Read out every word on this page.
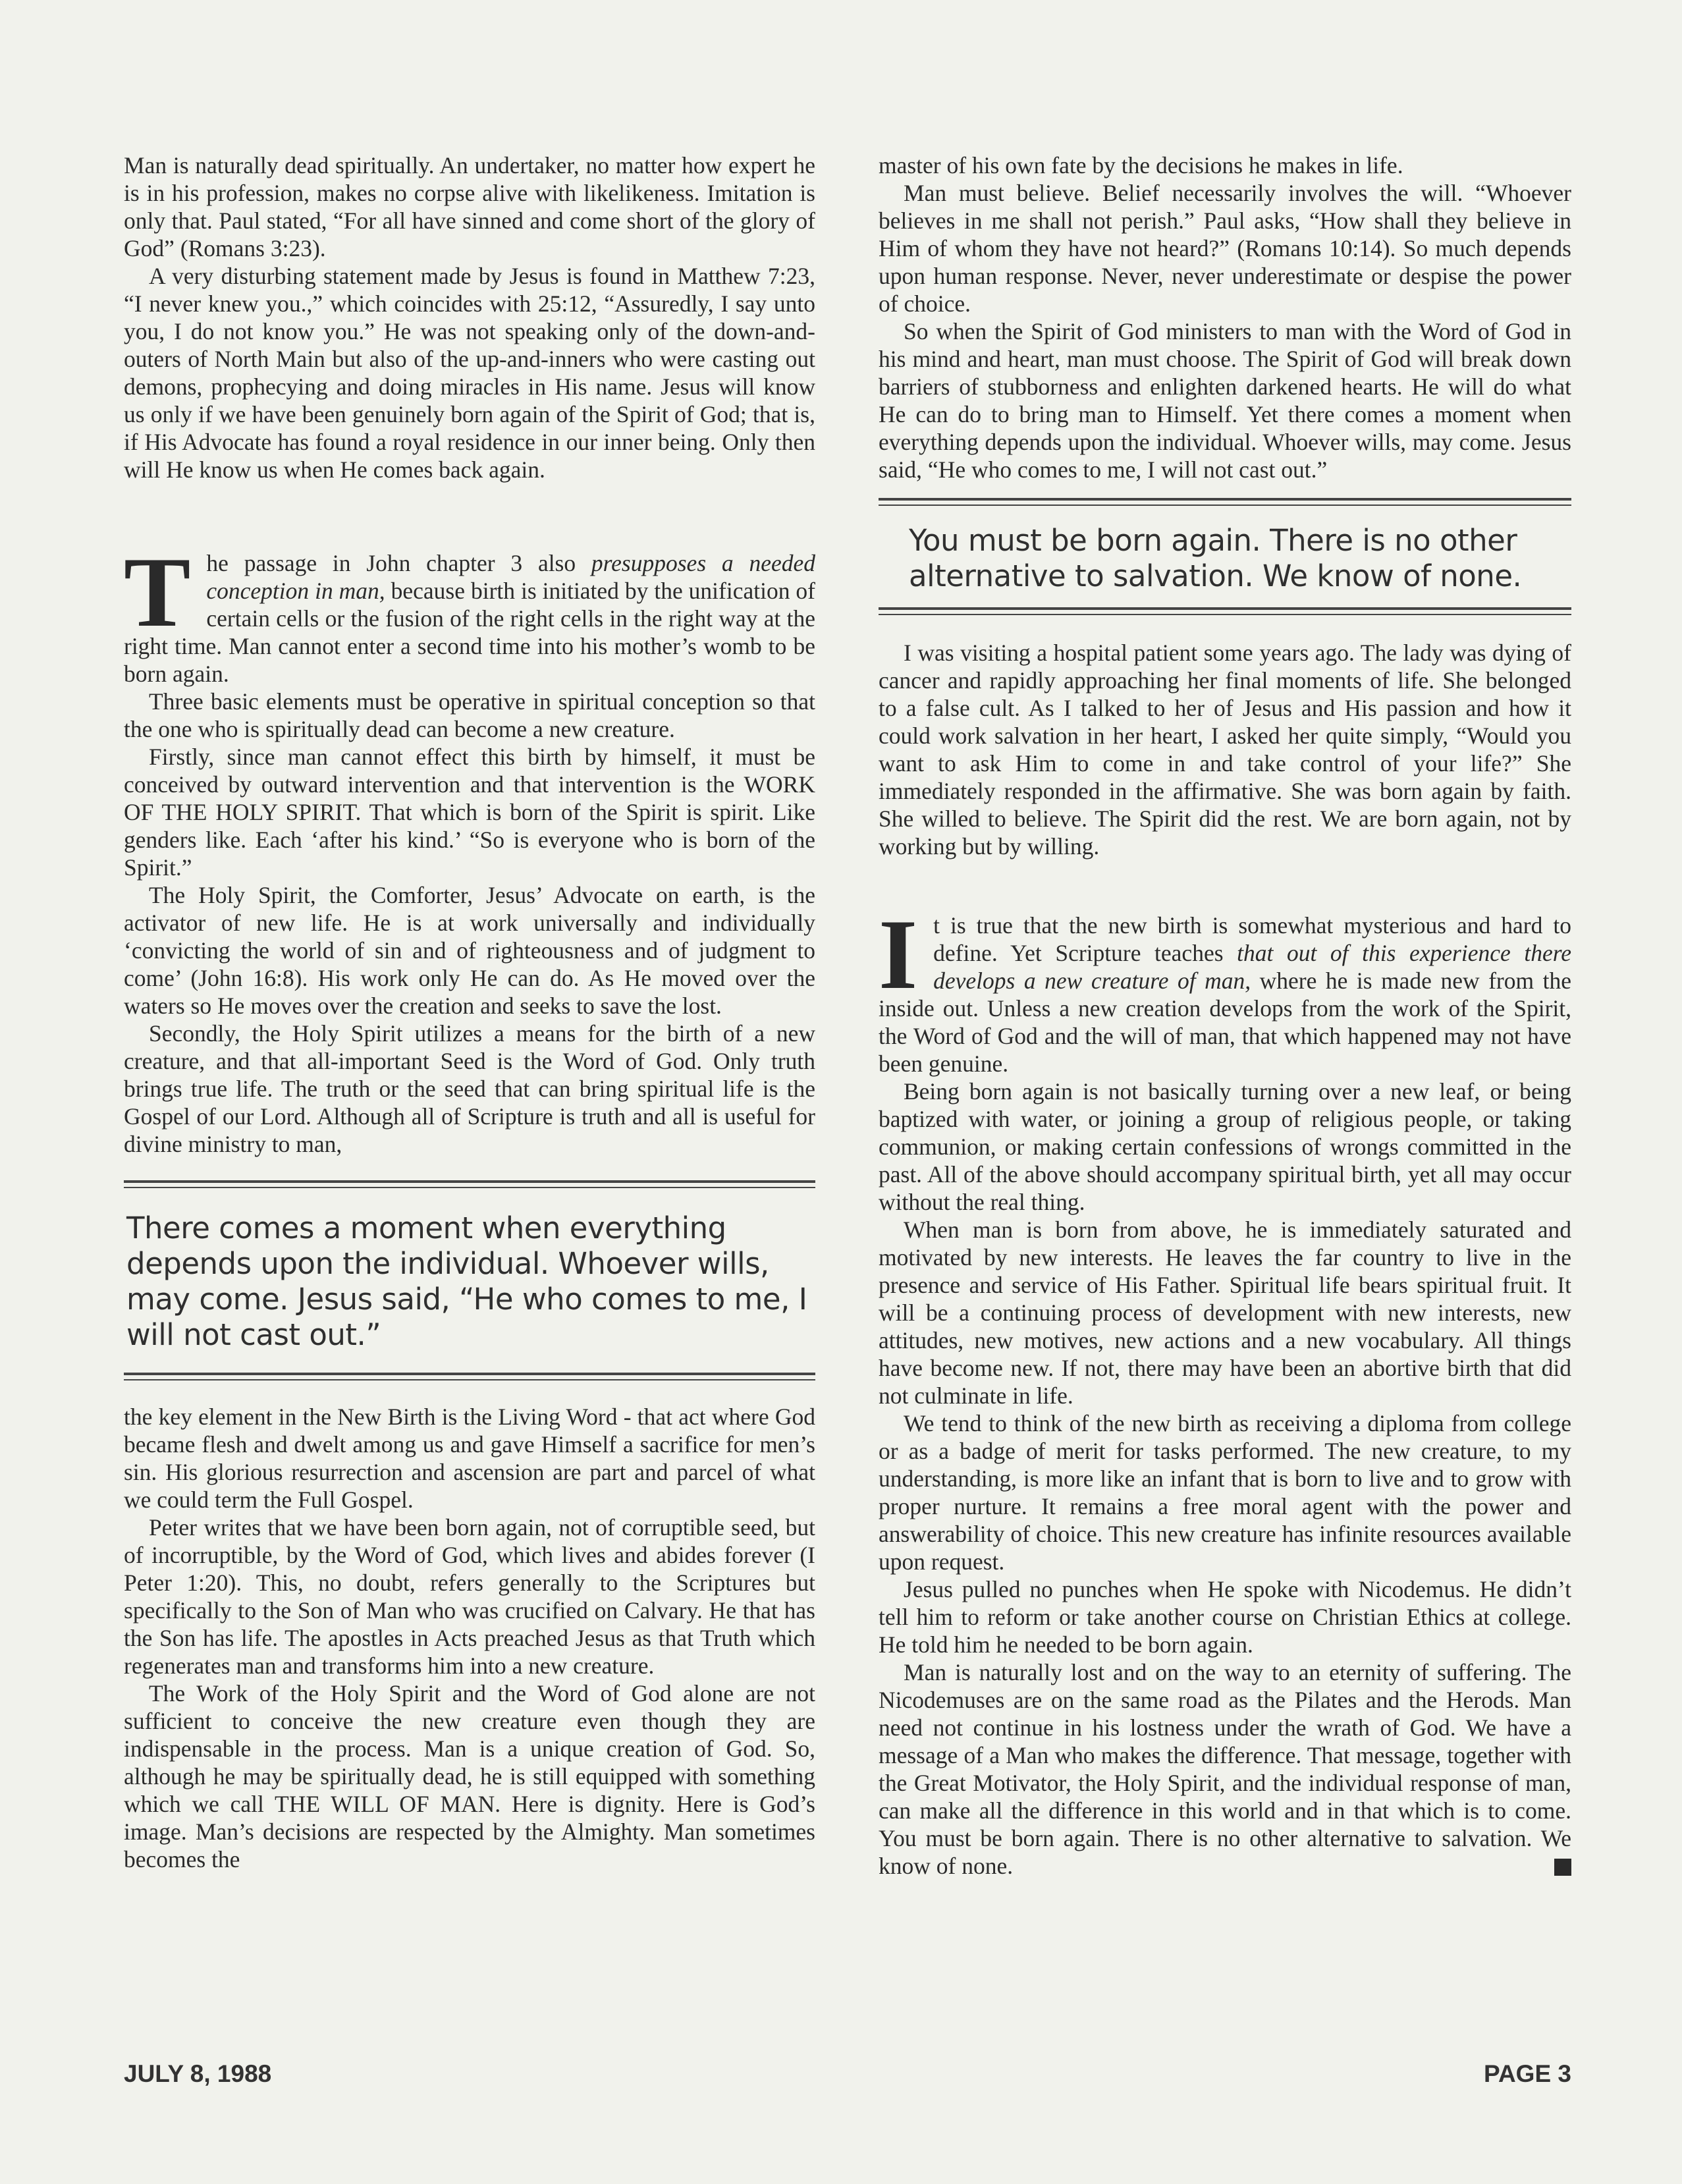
Man is naturally dead spiritually. An undertaker, no matter how expert he is in his profession, makes no corpse alive with likelikeness. Imitation is only that. Paul stated, “For all have sinned and come short of the glory of God” (Romans 3:23).

A very disturbing statement made by Jesus is found in Matthew 7:23, “I never knew you.,” which coincides with 25:12, “Assuredly, I say unto you, I do not know you.” He was not speaking only of the down-and-outers of North Main but also of the up-and-inners who were casting out demons, prophecying and doing miracles in His name. Jesus will know us only if we have been genuinely born again of the Spirit of God; that is, if His Advocate has found a royal residence in our inner being. Only then will He know us when He comes back again.

The passage in John chapter 3 also presupposes a needed conception in man, because birth is initiated by the unification of certain cells or the fusion of the right cells in the right way at the right time. Man cannot enter a second time into his mother’s womb to be born again.

Three basic elements must be operative in spiritual conception so that the one who is spiritually dead can become a new creature.

Firstly, since man cannot effect this birth by himself, it must be conceived by outward intervention and that intervention is the WORK OF THE HOLY SPIRIT. That which is born of the Spirit is spirit. Like genders like. Each ‘after his kind.’ “So is everyone who is born of the Spirit.”

The Holy Spirit, the Comforter, Jesus’ Advocate on earth, is the activator of new life. He is at work universally and individually ‘convicting the world of sin and of righteousness and of judgment to come’ (John 16:8). His work only He can do. As He moved over the waters so He moves over the creation and seeks to save the lost.

Secondly, the Holy Spirit utilizes a means for the birth of a new creature, and that all-important Seed is the Word of God. Only truth brings true life. The truth or the seed that can bring spiritual life is the Gospel of our Lord. Although all of Scripture is truth and all is useful for divine ministry to man,

There comes a moment when everything depends upon the individual. Whoever wills, may come. Jesus said, “He who comes to me, I will not cast out.”

the key element in the New Birth is the Living Word - that act where God became flesh and dwelt among us and gave Himself a sacrifice for men’s sin. His glorious resurrection and ascension are part and parcel of what we could term the Full Gospel.

Peter writes that we have been born again, not of corruptible seed, but of incorruptible, by the Word of God, which lives and abides forever (I Peter 1:20). This, no doubt, refers generally to the Scriptures but specifically to the Son of Man who was crucified on Calvary. He that has the Son has life. The apostles in Acts preached Jesus as that Truth which regenerates man and transforms him into a new creature.

The Work of the Holy Spirit and the Word of God alone are not sufficient to conceive the new creature even though they are indispensable in the process. Man is a unique creation of God. So, although he may be spiritually dead, he is still equipped with something which we call THE WILL OF MAN. Here is dignity. Here is God’s image. Man’s decisions are respected by the Almighty. Man sometimes becomes the

master of his own fate by the decisions he makes in life.

Man must believe. Belief necessarily involves the will. “Whoever believes in me shall not perish.” Paul asks, “How shall they believe in Him of whom they have not heard?” (Romans 10:14). So much depends upon human response. Never, never underestimate or despise the power of choice.

So when the Spirit of God ministers to man with the Word of God in his mind and heart, man must choose. The Spirit of God will break down barriers of stubborness and enlighten darkened hearts. He will do what He can do to bring man to Himself. Yet there comes a moment when everything depends upon the individual. Whoever wills, may come. Jesus said, “He who comes to me, I will not cast out.”

You must be born again. There is no other alternative to salvation. We know of none.

I was visiting a hospital patient some years ago. The lady was dying of cancer and rapidly approaching her final moments of life. She belonged to a false cult. As I talked to her of Jesus and His passion and how it could work salvation in her heart, I asked her quite simply, “Would you want to ask Him to come in and take control of your life?” She immediately responded in the affirmative. She was born again by faith. She willed to believe. The Spirit did the rest. We are born again, not by working but by willing.

It is true that the new birth is somewhat mysterious and hard to define. Yet Scripture teaches that out of this experience there develops a new creature of man, where he is made new from the inside out. Unless a new creation develops from the work of the Spirit, the Word of God and the will of man, that which happened may not have been genuine.

Being born again is not basically turning over a new leaf, or being baptized with water, or joining a group of religious people, or taking communion, or making certain confessions of wrongs committed in the past. All of the above should accompany spiritual birth, yet all may occur without the real thing.

When man is born from above, he is immediately saturated and motivated by new interests. He leaves the far country to live in the presence and service of His Father. Spiritual life bears spiritual fruit. It will be a continuing process of development with new interests, new attitudes, new motives, new actions and a new vocabulary. All things have become new. If not, there may have been an abortive birth that did not culminate in life.

We tend to think of the new birth as receiving a diploma from college or as a badge of merit for tasks performed. The new creature, to my understanding, is more like an infant that is born to live and to grow with proper nurture. It remains a free moral agent with the power and answerability of choice. This new creature has infinite resources available upon request.

Jesus pulled no punches when He spoke with Nicodemus. He didn’t tell him to reform or take another course on Christian Ethics at college. He told him he needed to be born again.

Man is naturally lost and on the way to an eternity of suffering. The Nicodemuses are on the same road as the Pilates and the Herods. Man need not continue in his lostness under the wrath of God. We have a message of a Man who makes the difference. That message, together with the Great Motivator, the Holy Spirit, and the individual response of man, can make all the difference in this world and in that which is to come. You must be born again. There is no other alternative to salvation. We know of none.

JULY 8, 1988	PAGE 3
